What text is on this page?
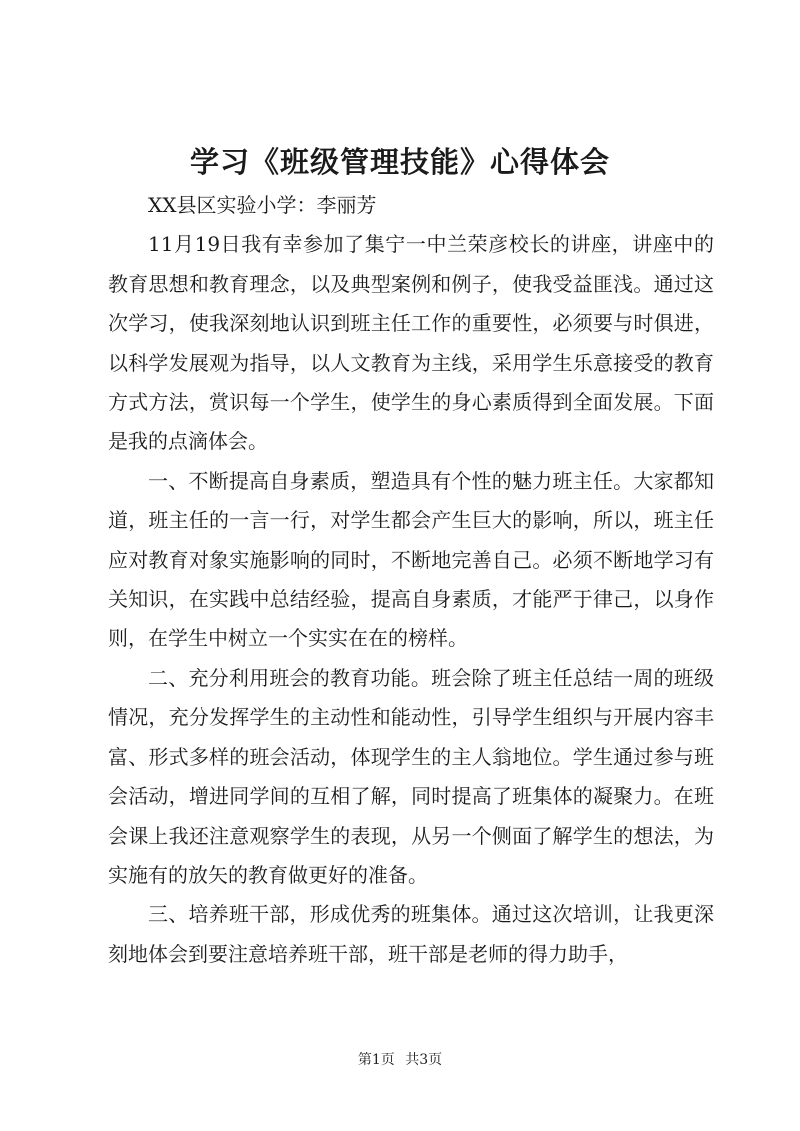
学习《班级管理技能》心得体会

XX县区实验小学：李丽芳

11月19日我有幸参加了集宁一中兰荣彦校长的讲座，讲座中的教育思想和教育理念，以及典型案例和例子，使我受益匪浅。通过这次学习，使我深刻地认识到班主任工作的重要性，必须要与时俱进，以科学发展观为指导，以人文教育为主线，采用学生乐意接受的教育方式方法，赏识每一个学生，使学生的身心素质得到全面发展。下面是我的点滴体会。

一、不断提高自身素质，塑造具有个性的魅力班主任。大家都知道，班主任的一言一行，对学生都会产生巨大的影响，所以，班主任应对教育对象实施影响的同时，不断地完善自己。必须不断地学习有关知识，在实践中总结经验，提高自身素质，才能严于律己，以身作则，在学生中树立一个实实在在的榜样。

二、充分利用班会的教育功能。班会除了班主任总结一周的班级情况，充分发挥学生的主动性和能动性，引导学生组织与开展内容丰富、形式多样的班会活动，体现学生的主人翁地位。学生通过参与班会活动，增进同学间的互相了解，同时提高了班集体的凝聚力。在班会课上我还注意观察学生的表现，从另一个侧面了解学生的想法，为实施有的放矢的教育做更好的准备。

三、培养班干部，形成优秀的班集体。通过这次培训，让我更深刻地体会到要注意培养班干部，班干部是老师的得力助手，

第1页 共3页
